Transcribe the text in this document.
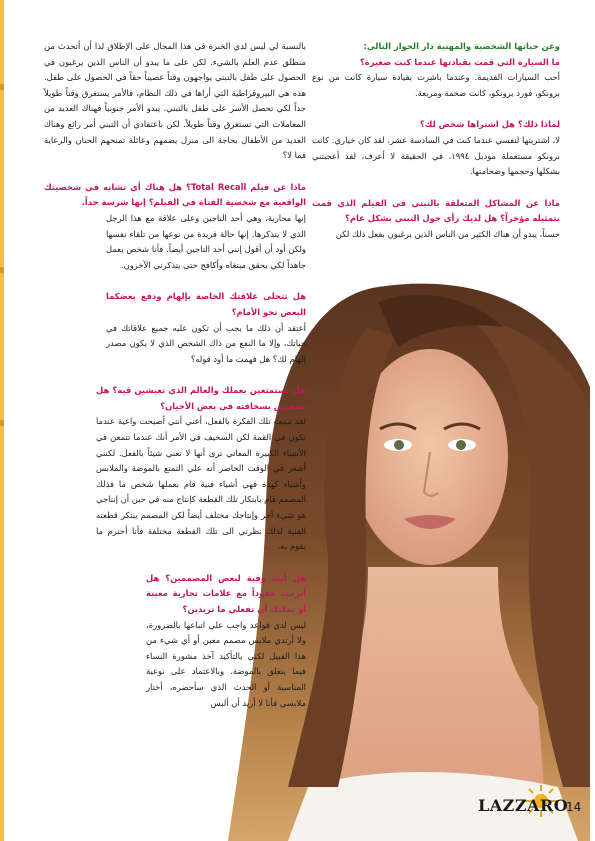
وعن حياتها الشخصية والمهنية دار الحوار التالي:

ما السيارة التي قمت بقيادتها عندما كنت صغيرة؟

أحب السيارات القديمة. وعندما باشرت بقيادة سيارة كانت من نوع برونكو، فورد برونكو، كانت ضخمة ومريعة.

لماذا ذلك؟ هل اشتراها شخص لك؟

لا، اشتريتها لنفسي عندما كنت في السادسة عشر. لقد كان خياري. كانت برونكو مستعملة موديل ١٩٩٤. في الحقيقة لا أعرف، لقد أعجبتني بشكلها وحجمها وضخامتها.

ماذا عن المشاكل المتعلقة بالتبني في الفيلم الذي قمت بتمثيله مؤخراً؟ هل لديك رأي حول التبني بشكل عام؟

حسناً، يبدو أن هناك الكثير من الناس الذين يرغبون بفعل ذلك لكن

بالنسبة لي ليس لدي الخبرة في هذا المجال على الإطلاق لذا أن أتحدث من منطلق عدم العلم بالشيء. لكن على ما يبدو أن الناس الذين يرغبون في الحصول على طفل بالتبني يواجهون وقتاً عصيباً حقاً في الحصول على طفل. هذه هي البيروقراطية التي أراها في ذلك النظام، فالأمر يستغرق وقتاً طويلاً جداً لكي تحصل الأسر على طفل بالتبني. يبدو الأمر جنونياً فهناك العديد من المعاملات التي تستغرق وقتاً طويلاً. لكن باعتقادي أن التبني أمر رائع وهناك العديد من الأطفال بحاجة الى منزل يضمهم وعائلة تمنحهم الحنان والرعاية فما لا؟

ماذا عن فيلم Total Recall؟ هل هناك أي تشابه في شخصيتك الواقعية مع شخصية الفتاة في الفيلم؟ إنها شرسة جداً.

إنها محاربة، وهي أحد التاجين وعلى علاقة مع هذا الرجل الذي لا يتذكرها. إنها حالة فريدة من نوعها من تلقاء نفسها ولكن أود أن أقول إنني أحد التاجين أيضاً. فأنا شخص يعمل جاهداً لكي يحقق مبتغاه وأكافح حتى يتذكرني الآخرون.

هل تتجلى علاقتك الخاصة بإلهام ودفع بعضكما البعض نحو الأمام؟

أعتقد أن ذلك ما يجب أن تكون عليه جميع علاقاتك في حياتك، وإلا ما النفع من ذاك الشخص الذي لا يكون مصدر إلهام لك؟ هل فهمت ما أود قوله؟

هل تستمتعين بعملك والعالم الذي تعيشين فيه؟ هل تشعرين بسخافته في بعض الأحيان؟

لقد تبنيت تلك الفكرة بالفعل، أعني أنني أصبحت واعية عندما تكون في القمة لكن السخيف في الأمر أنك عندما تتمعن في الأشياء الكبيرة المعاني ترى أنها لا تعني شيئاً بالفعل. لكنني أشعر في الوقت الحاضر أنه علي التمتع بالموضة والملابس وأشياء كهذه فهي أشياء فنية قام بعملها شخص ما فذلك المصمم قام بابتكار تلك القطعة كإنتاج منه في حين أن إنتاجي هو شيء آخر وإنتاجك مختلف أيضاً لكن المصمم يبتكر قطعته الفنية لذلك نظرتي الى تلك القطعة مختلفة فأنا أحترم ما يقوم به.

هل أنت وفية لبعض المصممين؟ هل أبرمت عقوداً مع علامات تجارية معينة أو يمكنك أن تفعلي ما تريدين؟

ليس لدي قواعد واجب علي اتباعها بالضرورة، ولا أرتدي ملابس مصمم معين أو أي شيء من هذا القبيل لكني بالتأكيد آخذ مشورة النساء فيما يتعلق بالموضة. وبالاعتماد على نوعية المناسبة أو الحدث الذي سأحضره، أختار ملابسي فأنا لا أريد أن ألبس

LAZZARO
14
